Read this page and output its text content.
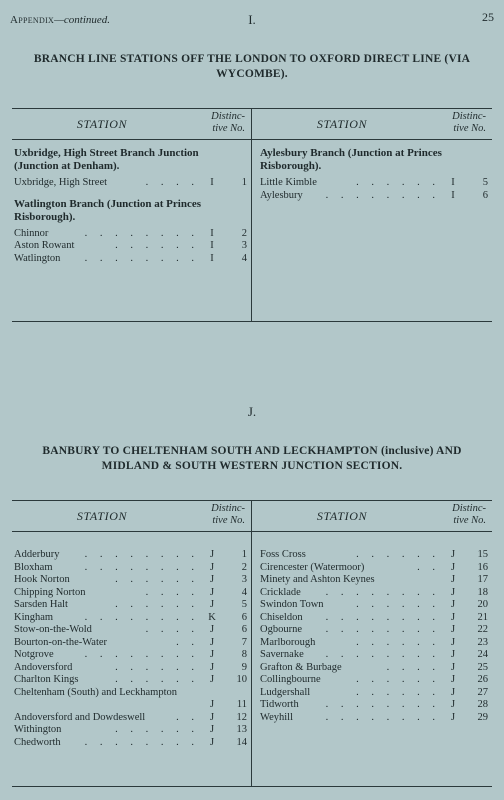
Appendix—continued.	I.	25
BRANCH LINE STATIONS OFF THE LONDON TO OXFORD DIRECT LINE (VIA WYCOMBE).
STATION
Distinc-
tive No.
Uxbridge, High Street Branch Junction (Junction at Denham).
Uxbridge, High Street	. . . .	I	1
Watlington Branch (Junction at Princes Risborough).
Chinnor	. . . . . . . .	I	2
Aston Rowant	. . . . . .	I	3
Watlington	. . . . . . . .	I	4
STATION
Distinc-
tive No.
Aylesbury Branch (Junction at Princes Risborough).
Little Kimble	. . . . . .	I	5
Aylesbury	. . . . . . . .	I	6
J.
BANBURY TO CHELTENHAM SOUTH AND LECKHAMPTON (inclusive) AND MIDLAND & SOUTH WESTERN JUNCTION SECTION.
STATION
Distinc-
tive No.
Adderbury	. . . . . . . . J	1
Bloxham	. . . . . . . . J	2
Hook Norton	. . . . . . J	3
Chipping Norton	. . . . J	4
Sarsden Halt	. . . . . . J	5
Kingham	. . . . . . . . K	6
Stow-on-the-Wold	. . . . J	6
Bourton-on-the-Water	. . J	7
Notgrove	. . . . . . . . J	8
Andoversford	. . . . . . J	9
Charlton Kings	. . . . . . J	10
Cheltenham (South) and Leckhampton
J	11
Andoversford and Dowdeswell	. . J	12
Withington	. . . . . . J	13
Chedworth	. . . . . . . . J	14
STATION
Distinc-
tive No.
Foss Cross	. . . . . . J	15
Cirencester (Watermoor)	. . J	16
Minety and Ashton Keynes	J	17
Cricklade	. . . . . . . . J	18
Swindon Town	. . . . . . J	20
Chiseldon	. . . . . . . . J	21
Ogbourne	. . . . . . . . J	22
Marlborough	. . . . . . J	23
Savernake	. . . . . . . . J	24
Grafton & Burbage	. . . . J	25
Collingbourne	. . . . . . J	26
Ludgershall	. . . . . . J	27
Tidworth	. . . . . . . . J	28
Weyhill	. . . . . . . . J	29
